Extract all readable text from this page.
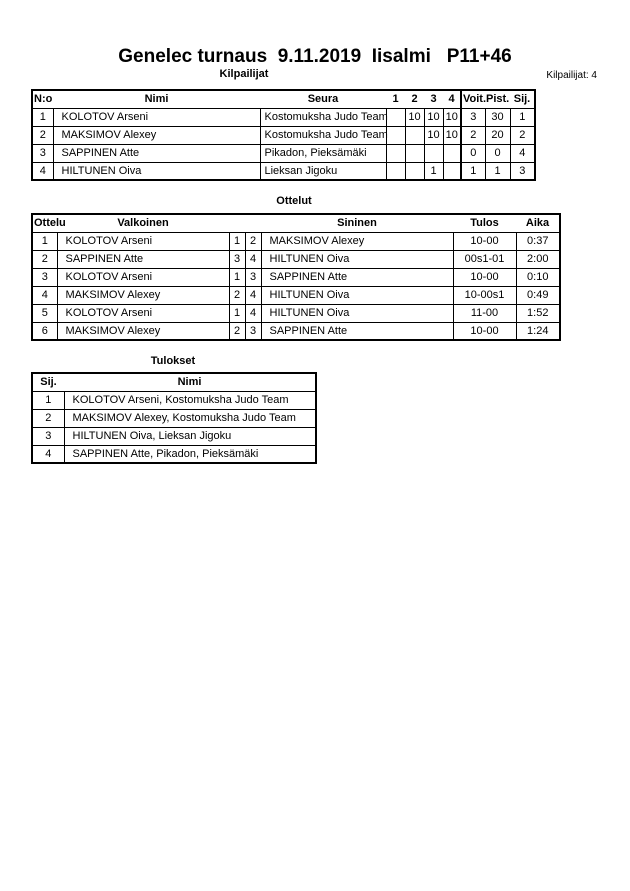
Genelec turnaus  9.11.2019  Iisalmi   P11+46
Kilpailijat	Kilpailijat: 4
N:o	Nimi	Seura	1	2	3	4	Voit.	Pist.	Sij.
1	KOLOTOV Arseni	Kostomuksha Judo Team		10	10	10	3	30	1
2	MAKSIMOV Alexey	Kostomuksha Judo Team			10	10	2	20	2
3	SAPPINEN Atte	Pikadon, Pieksämäki					0	0	4
4	HILTUNEN Oiva	Lieksan Jigoku			1		1	1	3
Ottelut
Ottelu	Valkoinen			Sininen	Tulos	Aika
1	KOLOTOV Arseni	1	2	MAKSIMOV Alexey	10-00	0:37
2	SAPPINEN Atte	3	4	HILTUNEN Oiva	00s1-01	2:00
3	KOLOTOV Arseni	1	3	SAPPINEN Atte	10-00	0:10
4	MAKSIMOV Alexey	2	4	HILTUNEN Oiva	10-00s1	0:49
5	KOLOTOV Arseni	1	4	HILTUNEN Oiva	11-00	1:52
6	MAKSIMOV Alexey	2	3	SAPPINEN Atte	10-00	1:24
Tulokset
Sij.	Nimi
1	KOLOTOV Arseni, Kostomuksha Judo Team
2	MAKSIMOV Alexey, Kostomuksha Judo Team
3	HILTUNEN Oiva, Lieksan Jigoku
4	SAPPINEN Atte, Pikadon, Pieksämäki
